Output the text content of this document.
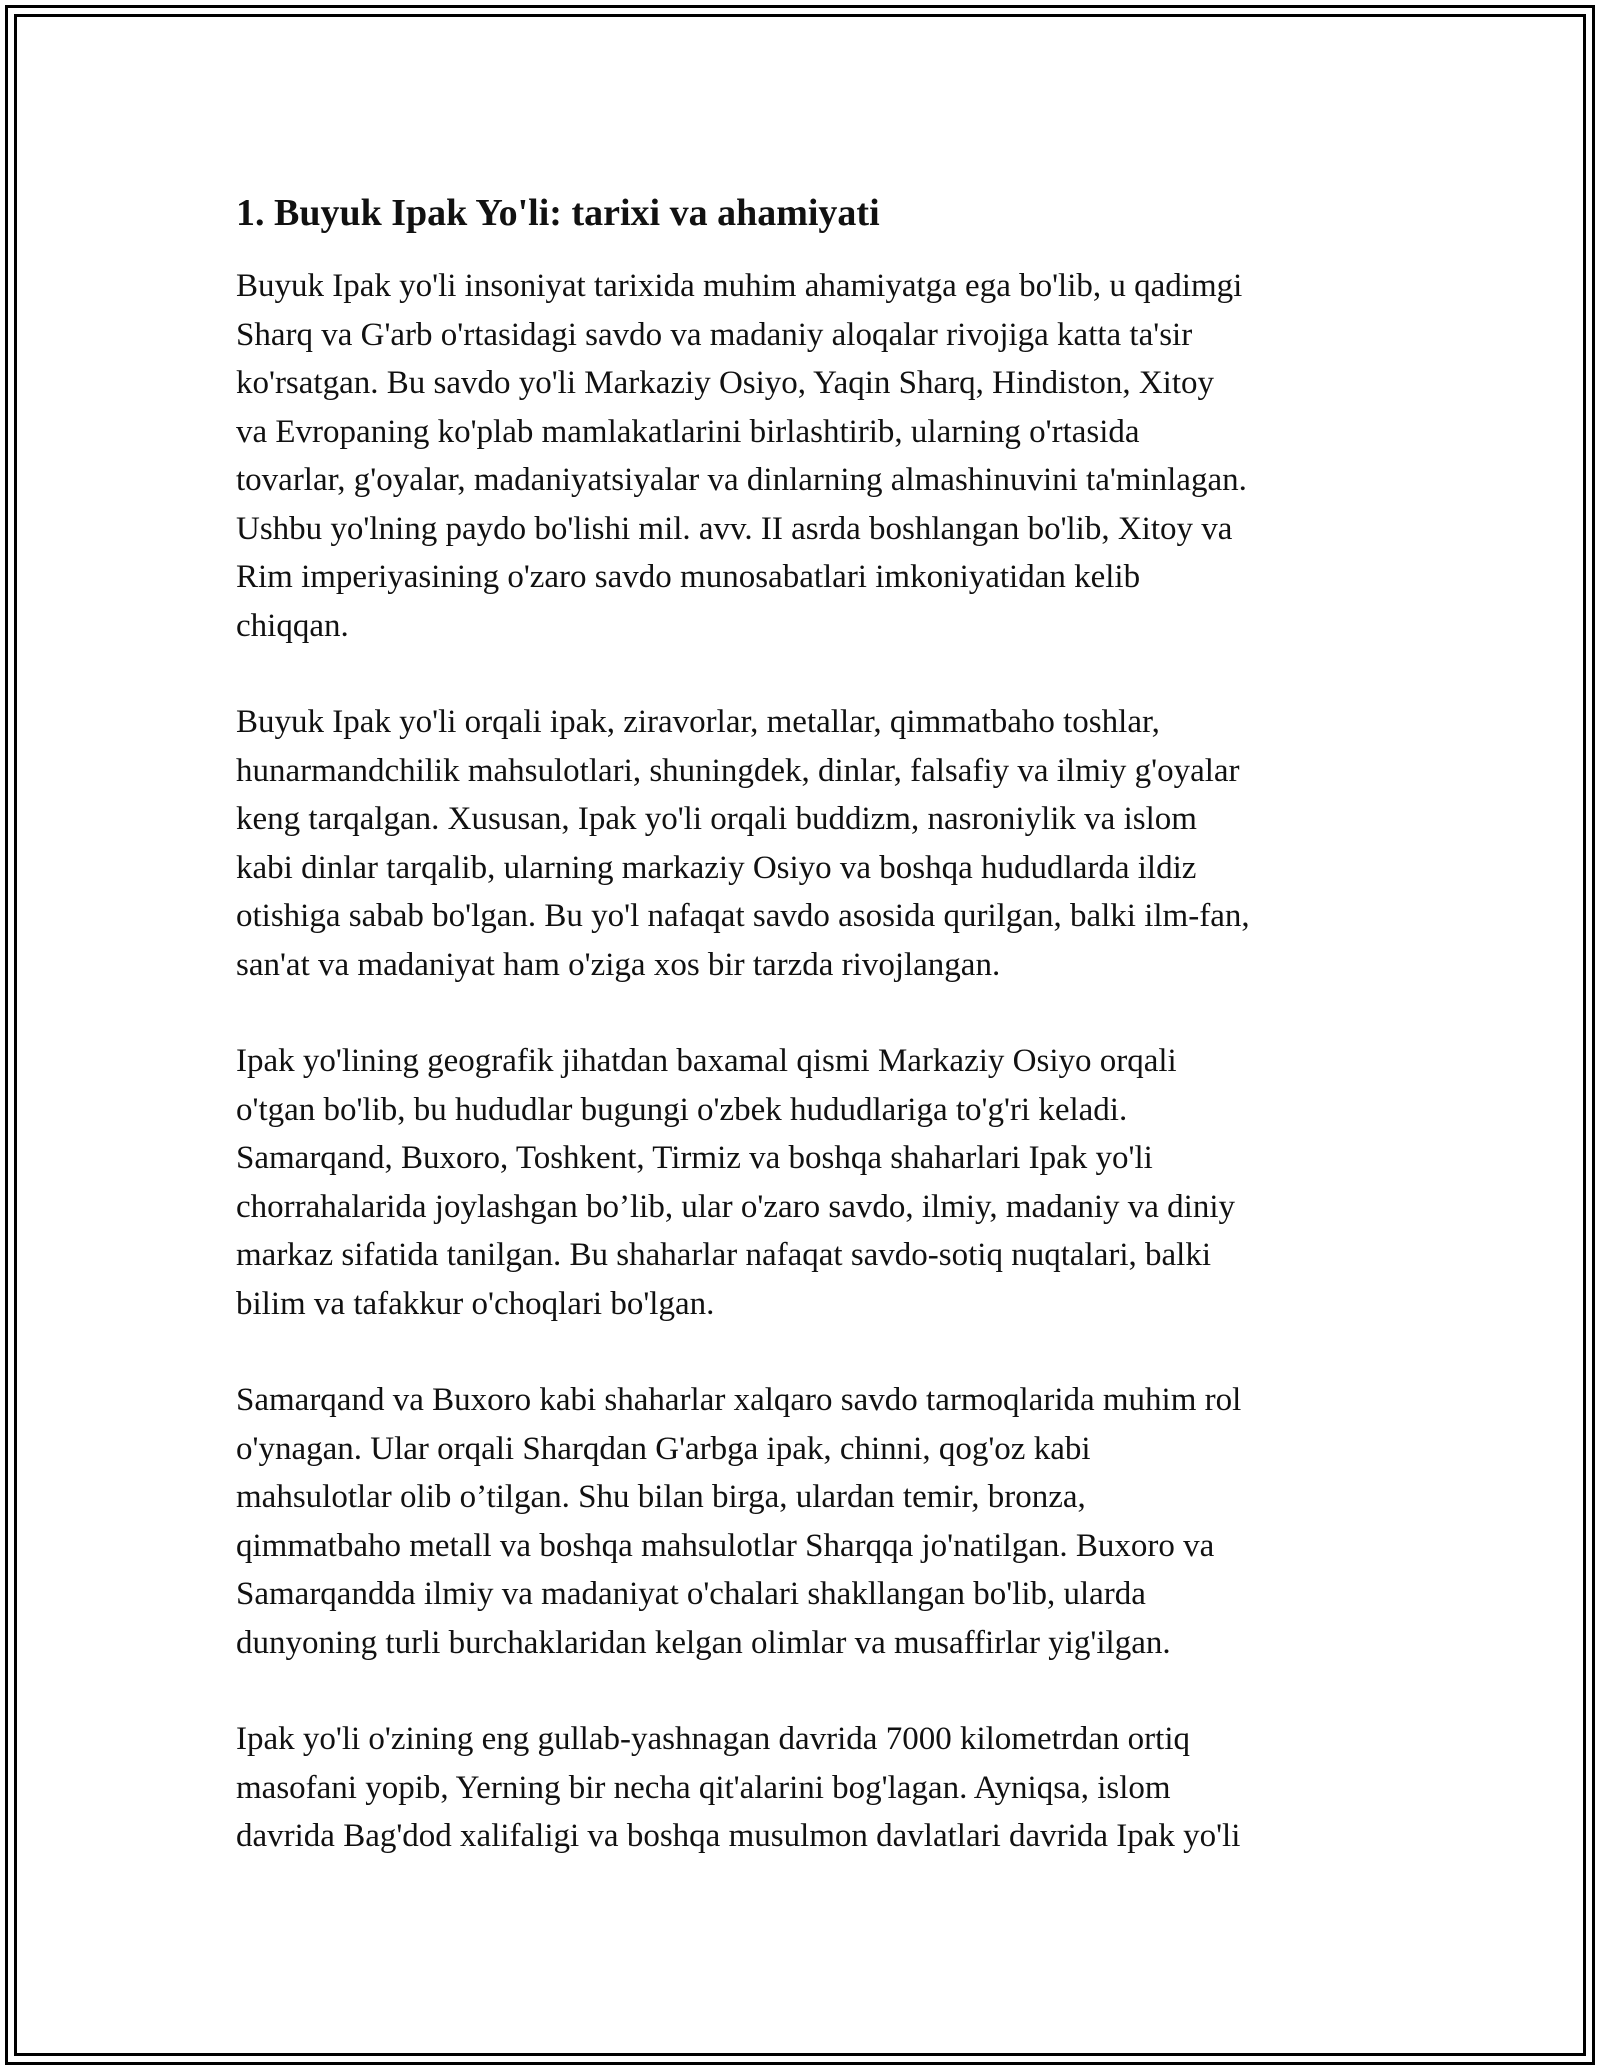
1. Buyuk Ipak Yo'li: tarixi va ahamiyati

Buyuk Ipak yo'li insoniyat tarixida muhim ahamiyatga ega bo'lib, u qadimgi
Sharq va G'arb o'rtasidagi savdo va madaniy aloqalar rivojiga katta ta'sir
ko'rsatgan. Bu savdo yo'li Markaziy Osiyo, Yaqin Sharq, Hindiston, Xitoy
va Evropaning ko'plab mamlakatlarini birlashtirib, ularning o'rtasida
tovarlar, g'oyalar, madaniyatsiyalar va dinlarning almashinuvini ta'minlagan.
Ushbu yo'lning paydo bo'lishi mil. avv. II asrda boshlangan bo'lib, Xitoy va
Rim imperiyasining o'zaro savdo munosabatlari imkoniyatidan kelib
chiqqan.

Buyuk Ipak yo'li orqali ipak, ziravorlar, metallar, qimmatbaho toshlar,
hunarmandchilik mahsulotlari, shuningdek, dinlar, falsafiy va ilmiy g'oyalar
keng tarqalgan. Xususan, Ipak yo'li orqali buddizm, nasroniylik va islom
kabi dinlar tarqalib, ularning markaziy Osiyo va boshqa hududlarda ildiz
otishiga sabab bo'lgan. Bu yo'l nafaqat savdo asosida qurilgan, balki ilm-fan,
san'at va madaniyat ham o'ziga xos bir tarzda rivojlangan.

Ipak yo'lining geografik jihatdan baxamal qismi Markaziy Osiyo orqali
o'tgan bo'lib, bu hududlar bugungi o'zbek hududlariga to'g'ri keladi.
Samarqand, Buxoro, Toshkent, Tirmiz va boshqa shaharlari Ipak yo'li
chorrahalarida joylashgan bo’lib, ular o'zaro savdo, ilmiy, madaniy va diniy
markaz sifatida tanilgan. Bu shaharlar nafaqat savdo-sotiq nuqtalari, balki
bilim va tafakkur o'choqlari bo'lgan.

Samarqand va Buxoro kabi shaharlar xalqaro savdo tarmoqlarida muhim rol
o'ynagan. Ular orqali Sharqdan G'arbga ipak, chinni, qog'oz kabi
mahsulotlar olib o’tilgan. Shu bilan birga, ulardan temir, bronza,
qimmatbaho metall va boshqa mahsulotlar Sharqqa jo'natilgan. Buxoro va
Samarqandda ilmiy va madaniyat o'chalari shakllangan bo'lib, ularda
dunyoning turli burchaklaridan kelgan olimlar va musaffirlar yig'ilgan.

Ipak yo'li o'zining eng gullab-yashnagan davrida 7000 kilometrdan ortiq
masofani yopib, Yerning bir necha qit'alarini bog'lagan. Ayniqsa, islom
davrida Bag'dod xalifaligi va boshqa musulmon davlatlari davrida Ipak yo'li
